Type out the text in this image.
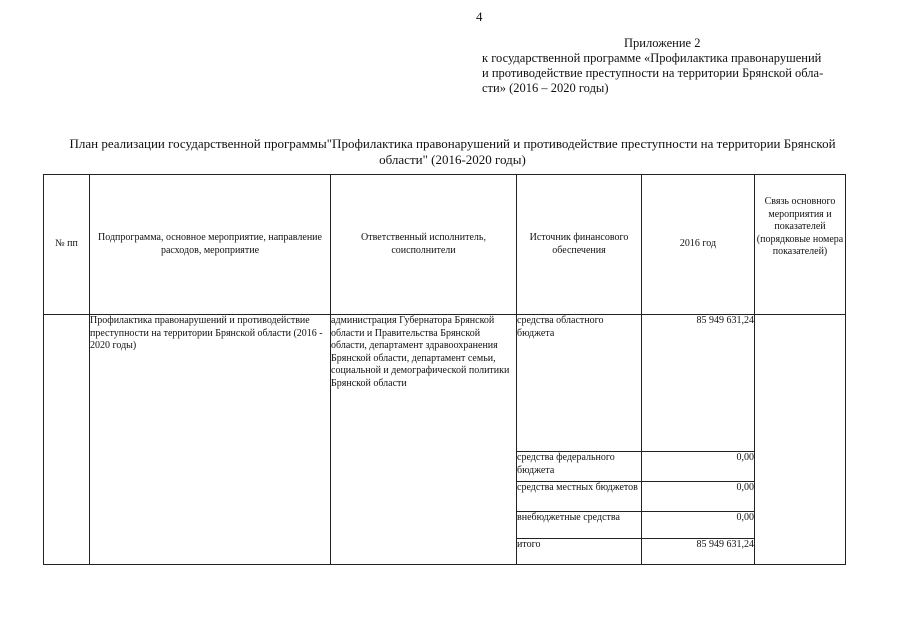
4
Приложение 2
к государственной программе «Профилактика правонарушений
и противодействие преступности на территории Брянской обла-
сти» (2016 – 2020 годы)
План реализации государственной программы"Профилактика правонарушений и противодействие преступности на территории Брянской
области" (2016-2020 годы)
№ пп	Подпрограмма, основное мероприятие, направление расходов, мероприятие	Ответственный исполнитель, соисполнители	Источник финансового обеспечения	2016 год	Связь основного мероприятия и показателей (порядковые номера показателей)
	Профилактика правонарушений и противодействие преступности на территории Брянской области (2016 - 2020 годы)	администрация Губернатора Брянской области и Правительства Брянской области, департамент здравоохранения Брянской области, департамент семьи, социальной и демографической политики Брянской области	средства областного бюджета	85 949 631,24	
			средства федерального бюджета	0,00	
			средства местных бюджетов	0,00	
			внебюджетные средства	0,00	
			итого	85 949 631,24	
